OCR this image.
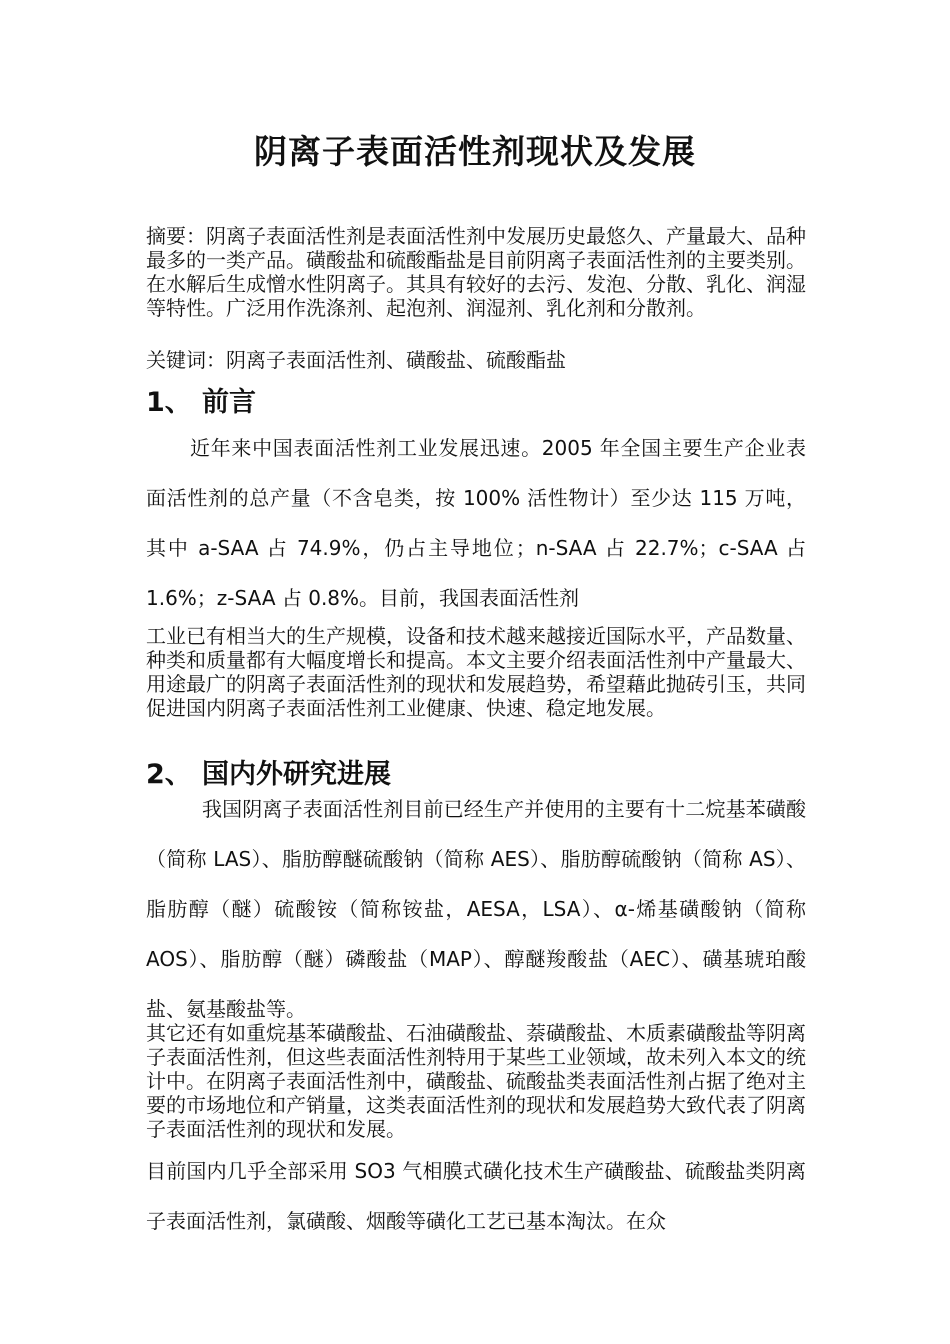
阴离子表面活性剂现状及发展

摘要：阴离子表面活性剂是表面活性剂中发展历史最悠久、产量最大、品种最多的一类产品。磺酸盐和硫酸酯盐是目前阴离子表面活性剂的主要类别。在水解后生成憎水性阴离子。其具有较好的去污、发泡、分散、乳化、润湿等特性。广泛用作洗涤剂、起泡剂、润湿剂、乳化剂和分散剂。

关键词：阴离子表面活性剂、磺酸盐、硫酸酯盐

1、 前言

近年来中国表面活性剂工业发展迅速。2005 年全国主要生产企业表面活性剂的总产量（不含皂类，按 100% 活性物计）至少达 115 万吨，其中 a-SAA 占 74.9%，仍占主导地位；n-SAA 占 22.7%；c-SAA 占 1.6%；z-SAA 占 0.8%。目前，我国表面活性剂

工业已有相当大的生产规模，设备和技术越来越接近国际水平，产品数量、种类和质量都有大幅度增长和提高。本文主要介绍表面活性剂中产量最大、用途最广的阴离子表面活性剂的现状和发展趋势，希望藉此抛砖引玉，共同促进国内阴离子表面活性剂工业健康、快速、稳定地发展。

2、 国内外研究进展

我国阴离子表面活性剂目前已经生产并使用的主要有十二烷基苯磺酸（简称 LAS）、脂肪醇醚硫酸钠（简称 AES）、脂肪醇硫酸钠（简称 AS）、脂肪醇（醚）硫酸铵（简称铵盐，AESA，LSA）、α-烯基磺酸钠（简称 AOS）、脂肪醇（醚）磷酸盐（MAP）、醇醚羧酸盐（AEC）、磺基琥珀酸盐、氨基酸盐等。

其它还有如重烷基苯磺酸盐、石油磺酸盐、萘磺酸盐、木质素磺酸盐等阴离子表面活性剂，但这些表面活性剂特用于某些工业领域，故未列入本文的统计中。在阴离子表面活性剂中，磺酸盐、硫酸盐类表面活性剂占据了绝对主要的市场地位和产销量，这类表面活性剂的现状和发展趋势大致代表了阴离子表面活性剂的现状和发展。

目前国内几乎全部采用 SO3 气相膜式磺化技术生产磺酸盐、硫酸盐类阴离子表面活性剂，氯磺酸、烟酸等磺化工艺已基本淘汰。在众
